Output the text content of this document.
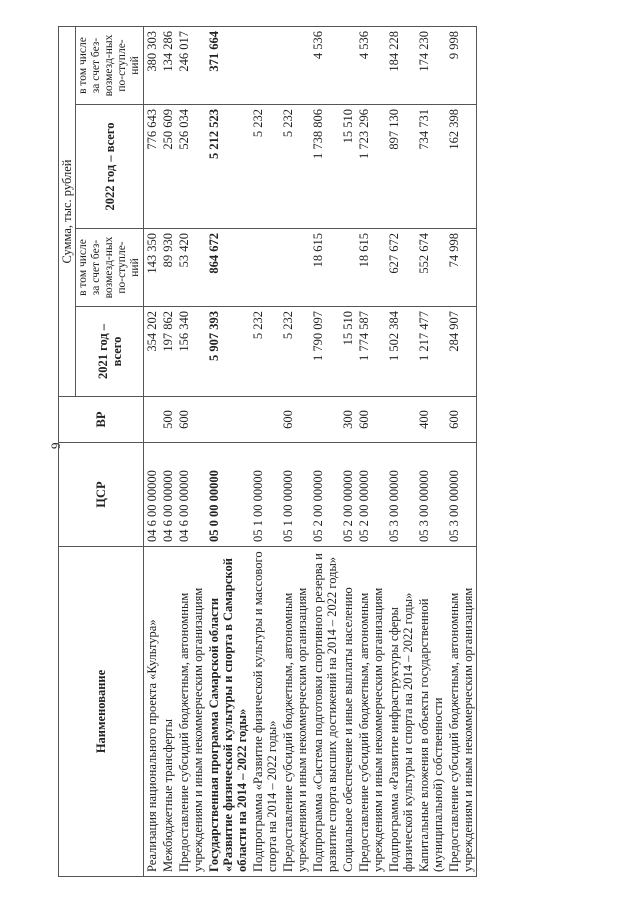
9
Наименование	ЦСР	ВР	Сумма, тыс. рублей			
			2021 год – всего	в том числе за счет без-возмезд-ных по-ступле-ний	2022 год – всего	в том числе за счет без-возмезд-ных по-ступле-ний
Реализация национального проекта «Культура»	04 6 00 00000		354 202	143 350	776 643	380 303
Межбюджетные трансферты	04 6 00 00000	500	197 862	89 930	250 609	134 286
Предоставление субсидий бюджетным, автономным учреждениям и иным некоммерческим организациям	04 6 00 00000	600	156 340	53 420	526 034	246 017
Государственная программа Самарской области «Развитие физической культуры и спорта в Самарской области на 2014 – 2022 годы»	05 0 00 00000		5 907 393	864 672	5 212 523	371 664
Подпрограмма «Развитие физической культуры и массового спорта на 2014 – 2022 годы»	05 1 00 00000		5 232		5 232	
Предоставление субсидий бюджетным, автономным учреждениям и иным некоммерческим организациям	05 1 00 00000	600	5 232		5 232	
Подпрограмма «Система подготовки спортивного резерва и развитие спорта высших достижений на 2014 – 2022 годы»	05 2 00 00000		1 790 097	18 615	1 738 806	4 536
Социальное обеспечение и иные выплаты населению	05 2 00 00000	300	15 510		15 510	
Предоставление субсидий бюджетным, автономным учреждениям и иным некоммерческим организациям	05 2 00 00000	600	1 774 587	18 615	1 723 296	4 536
Подпрограмма «Развитие инфраструктуры сферы физической культуры и спорта на 2014 – 2022 годы»	05 3 00 00000		1 502 384	627 672	897 130	184 228
Капитальные вложения в объекты государственной (муниципальной) собственности	05 3 00 00000	400	1 217 477	552 674	734 731	174 230
Предоставление субсидий бюджетным, автономным учреждениям и иным некоммерческим организациям	05 3 00 00000	600	284 907	74 998	162 398	9 998
